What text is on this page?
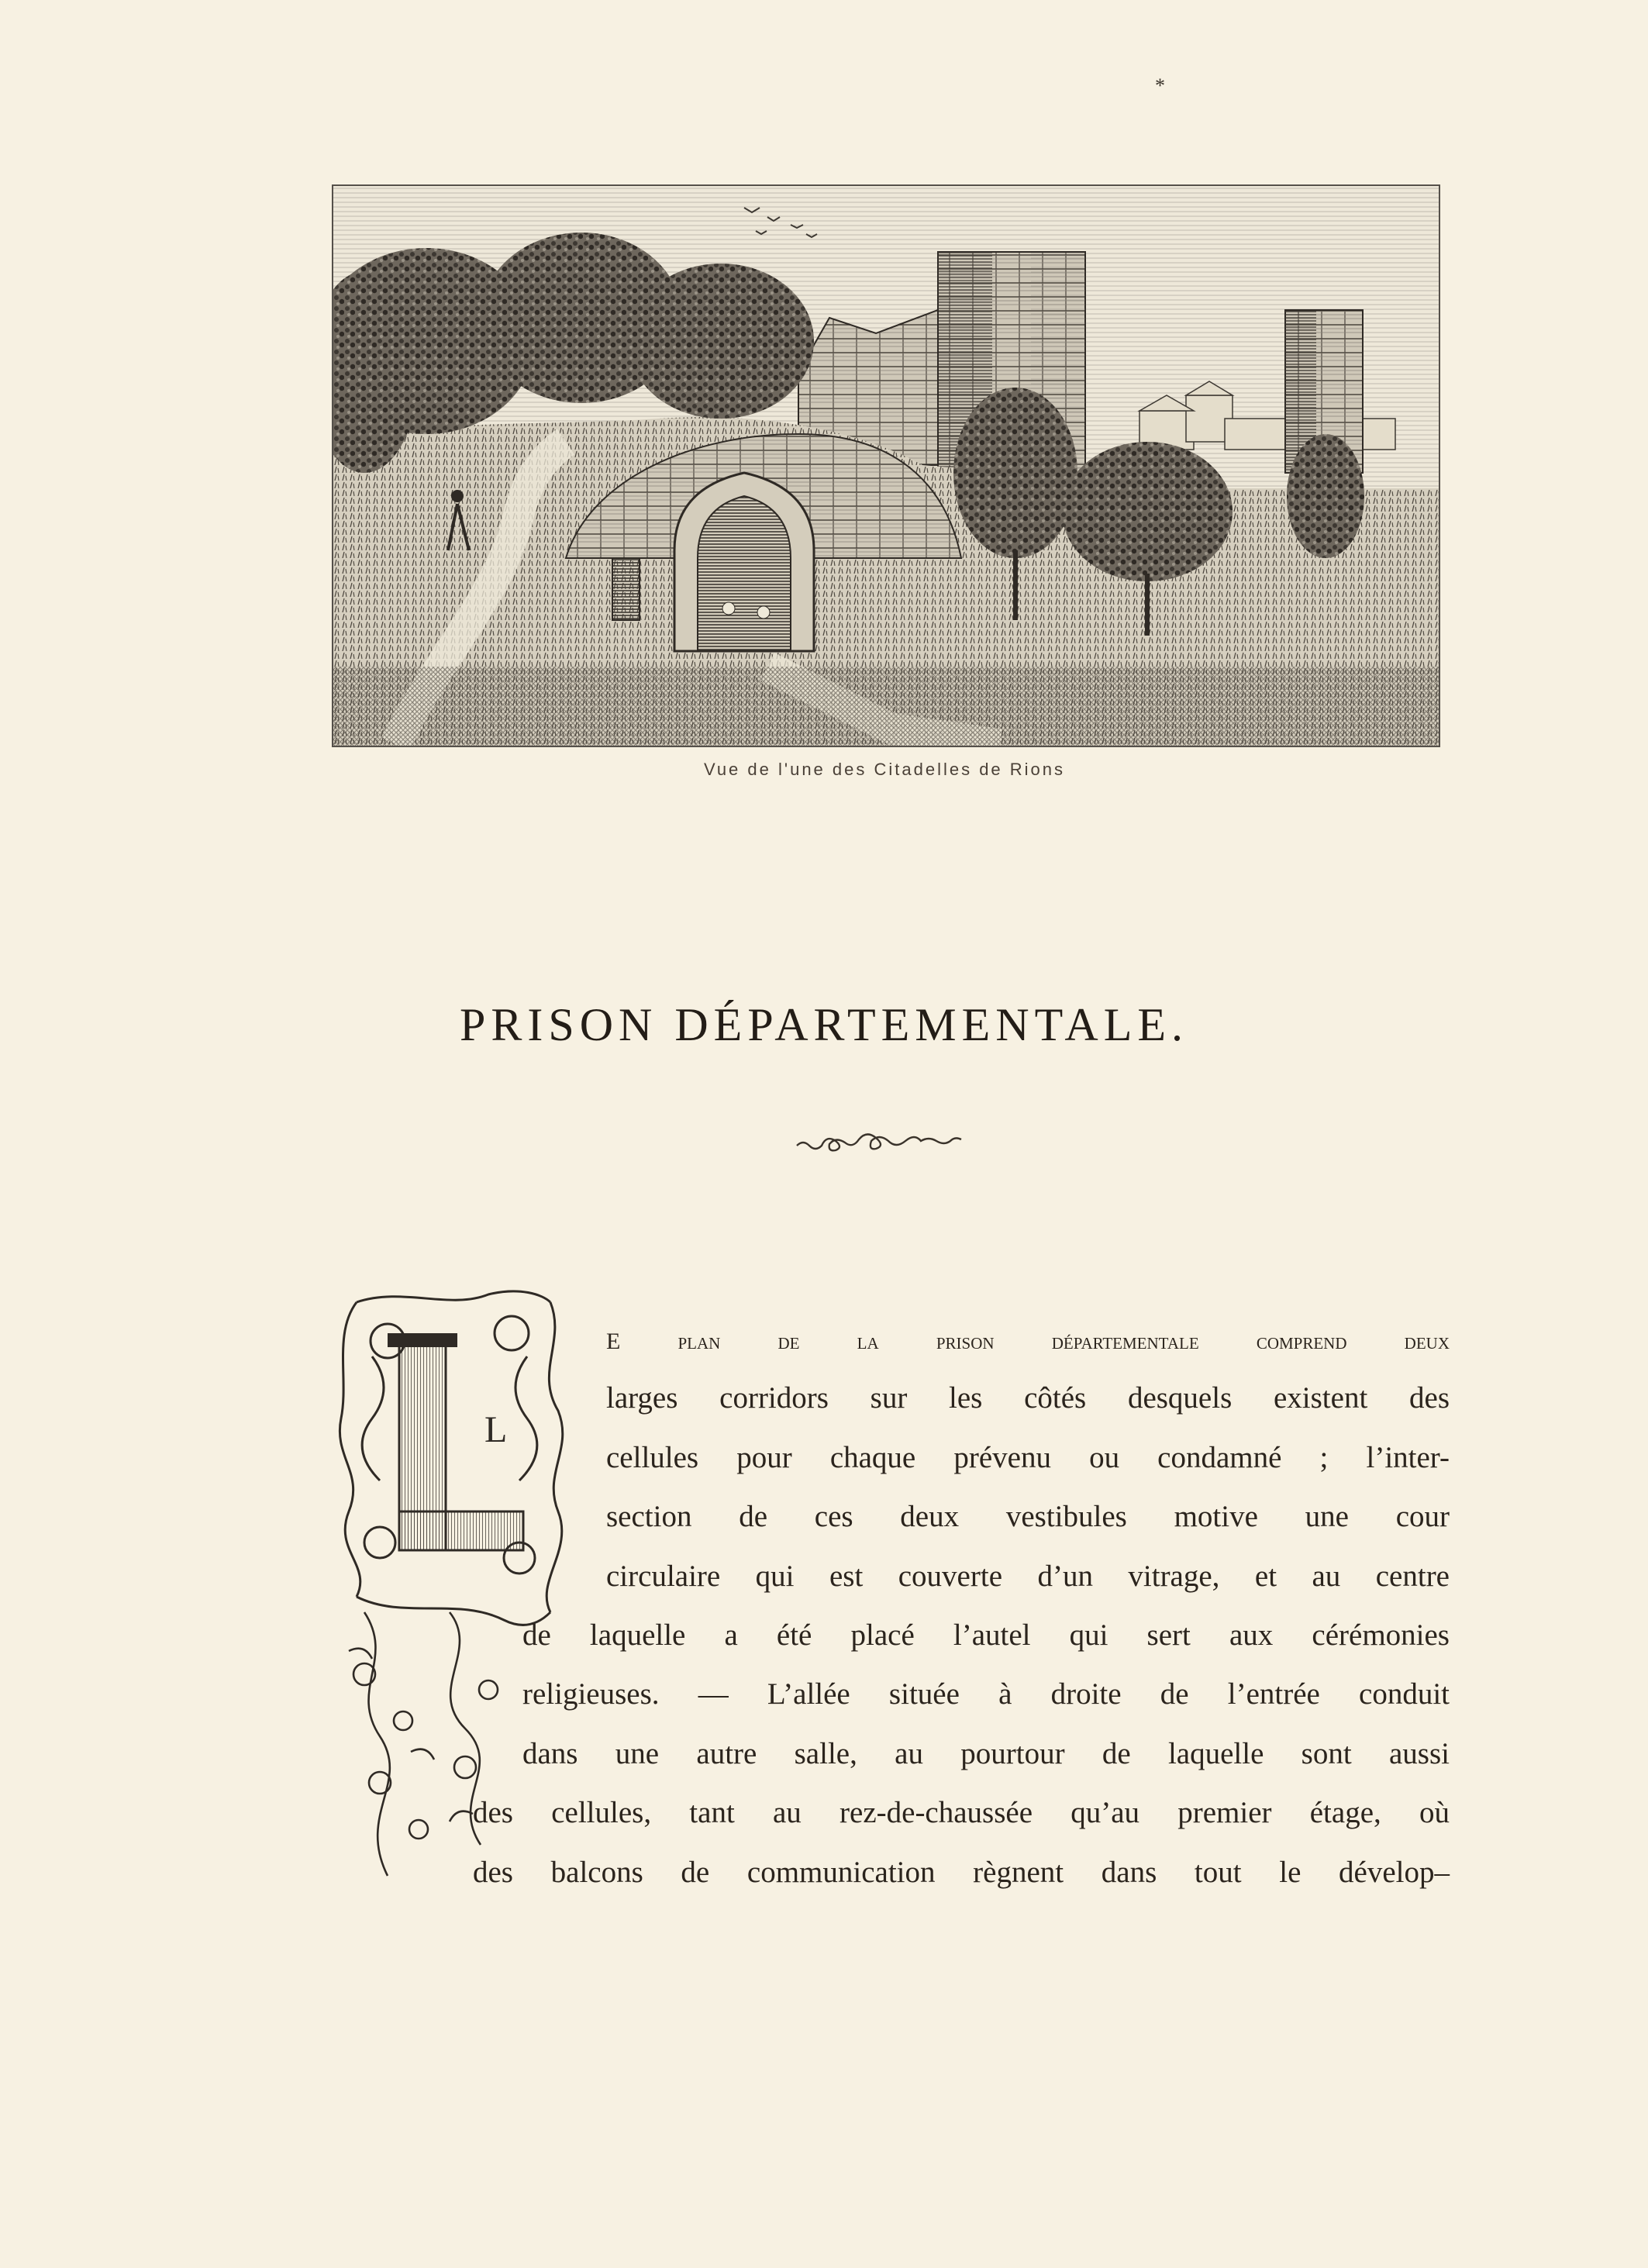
*
Vue de l'une des Citadelles de Rions
PRISON DÉPARTEMENTALE.
L
E plan de la prison départementale comprend deux
larges corridors sur les côtés desquels existent des
cellules pour chaque prévenu ou condamné ; l’inter-
section de ces deux vestibules motive une cour
circulaire qui est couverte d’un vitrage, et au centre
de laquelle a été placé l’autel qui sert aux cérémonies
religieuses. — L’allée située à droite de l’entrée conduit
dans une autre salle, au pourtour de laquelle sont aussi
des cellules, tant au rez-de-chaussée qu’au premier étage, où
des balcons de communication règnent dans tout le dévelop–
